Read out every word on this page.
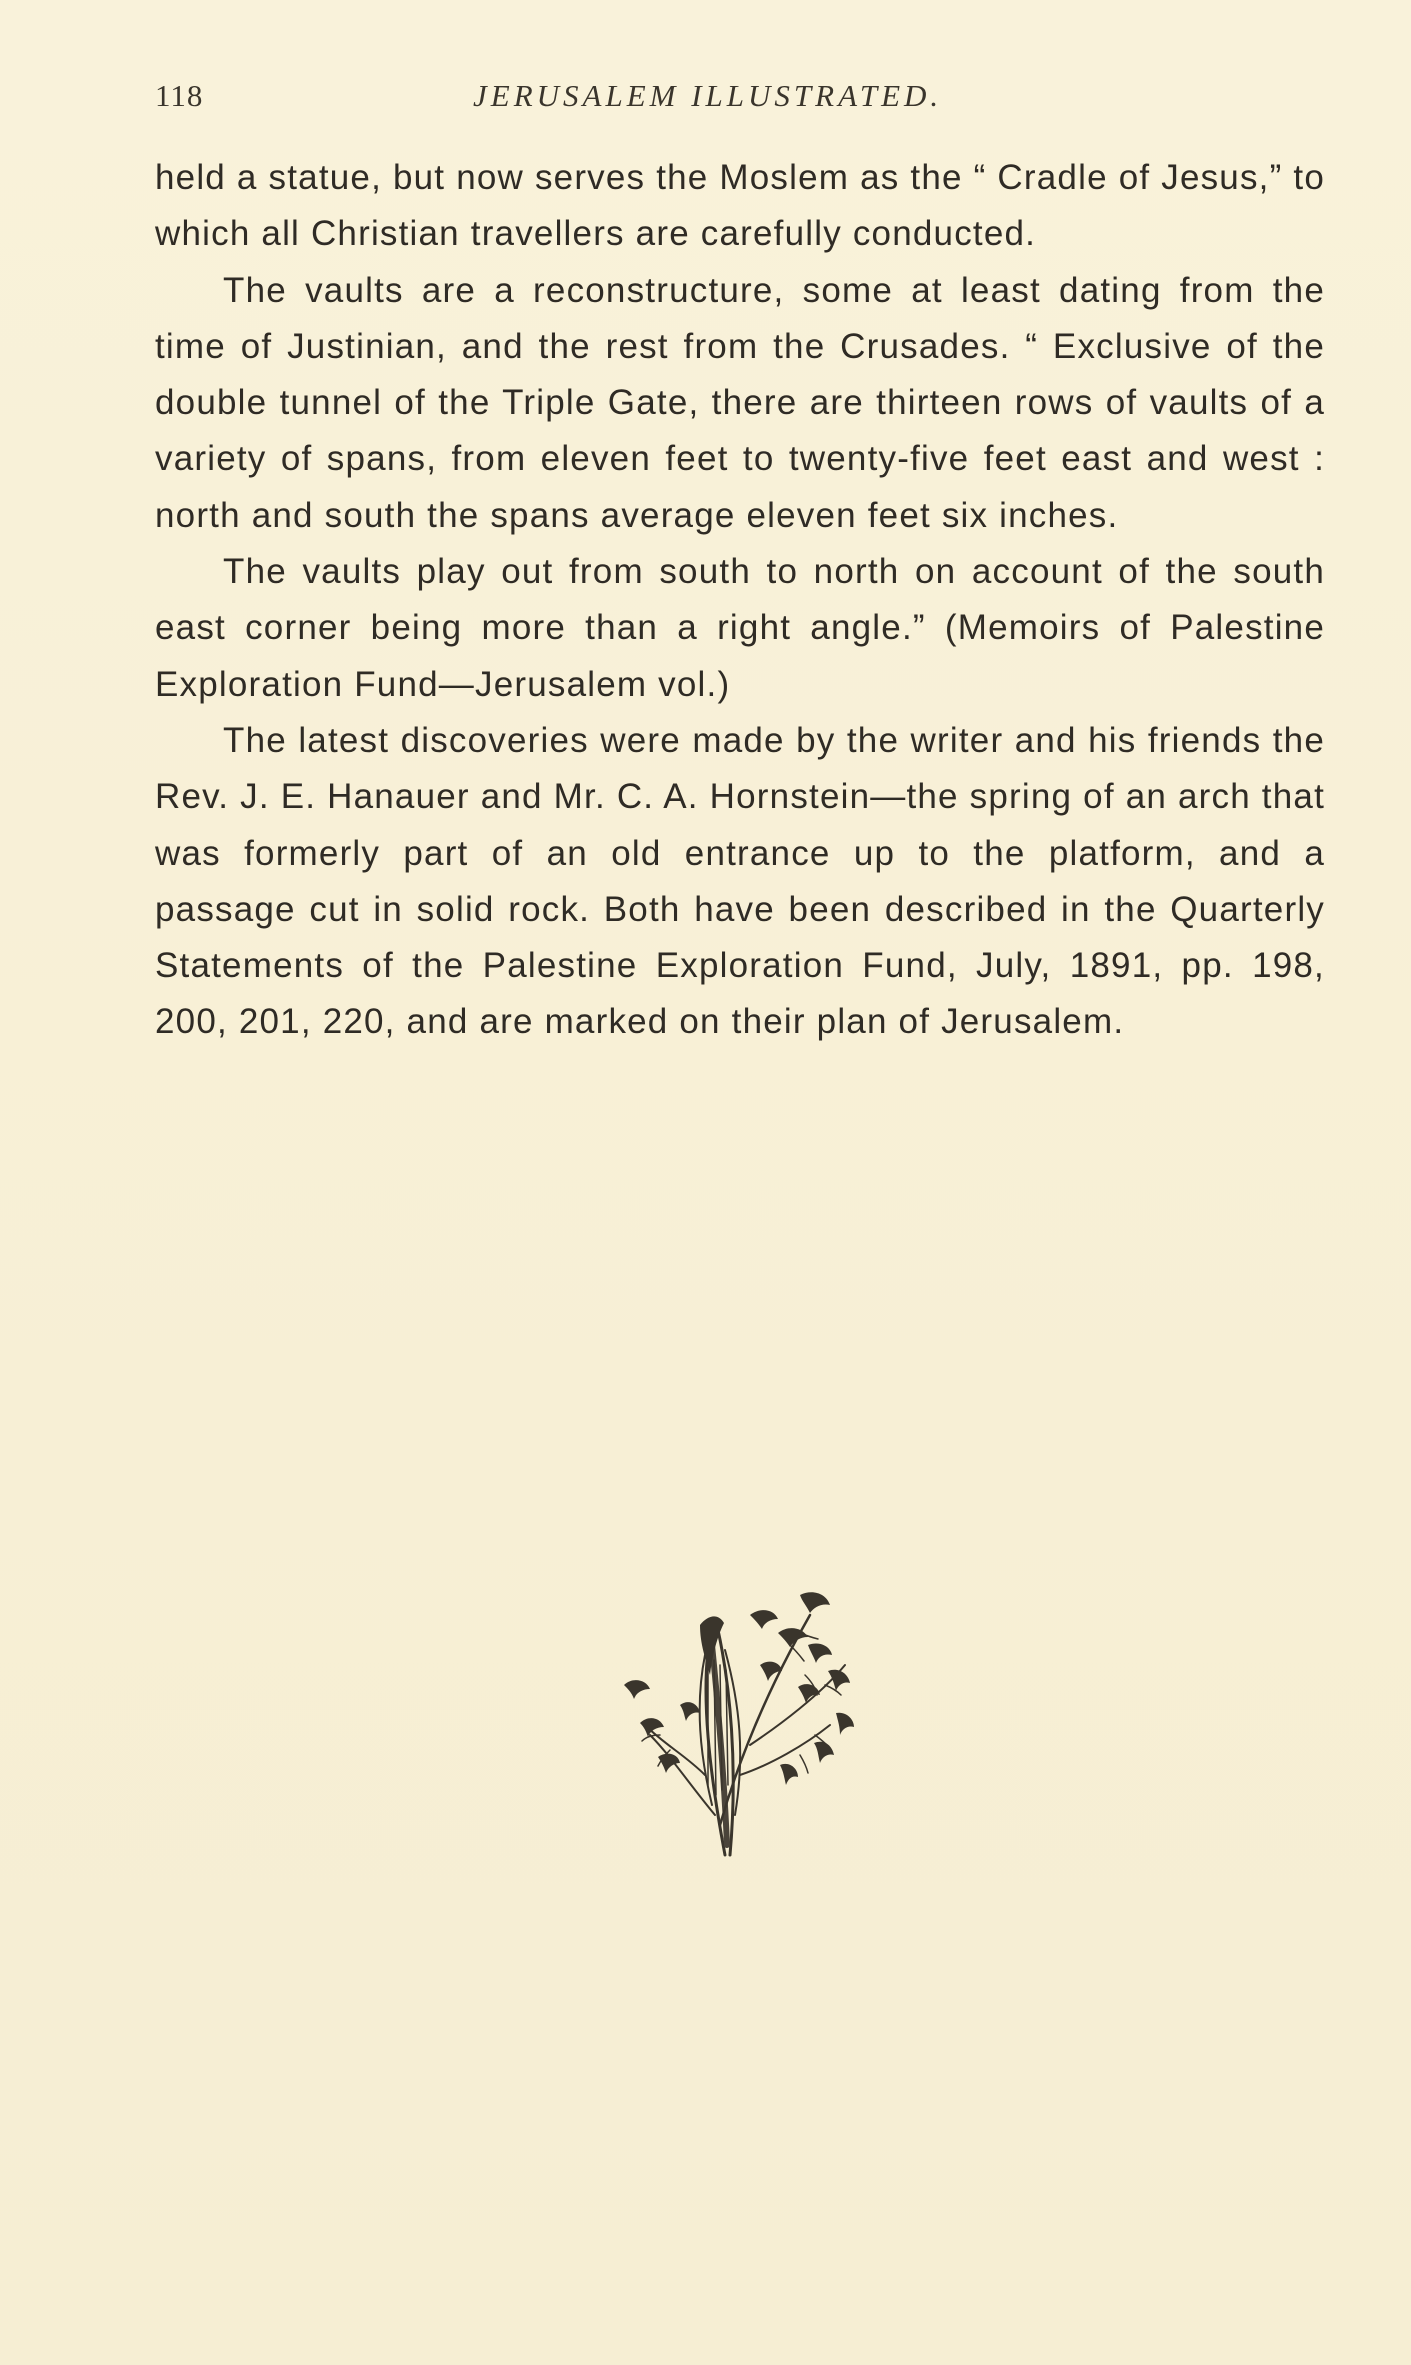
118	JERUSALEM ILLUSTRATED.

held a statue, but now serves the Moslem as the “ Cradle of Jesus,” to which all Christian travellers are carefully conducted.

The vaults are a reconstructure, some at least dating from the time of Justinian, and the rest from the Crusades. “ Exclusive of the double tunnel of the Triple Gate, there are thirteen rows of vaults of a variety of spans, from eleven feet to twenty-five feet east and west : north and south the spans average eleven feet six inches.

The vaults play out from south to north on account of the south east corner being more than a right angle.” (Memoirs of Palestine Exploration Fund—Jerusalem vol.)

The latest discoveries were made by the writer and his friends the Rev. J. E. Hanauer and Mr. C. A. Hornstein—the spring of an arch that was formerly part of an old entrance up to the platform, and a passage cut in solid rock. Both have been described in the Quarterly Statements of the Palestine Exploration Fund, July, 1891, pp. 198, 200, 201, 220, and are marked on their plan of Jerusalem.
